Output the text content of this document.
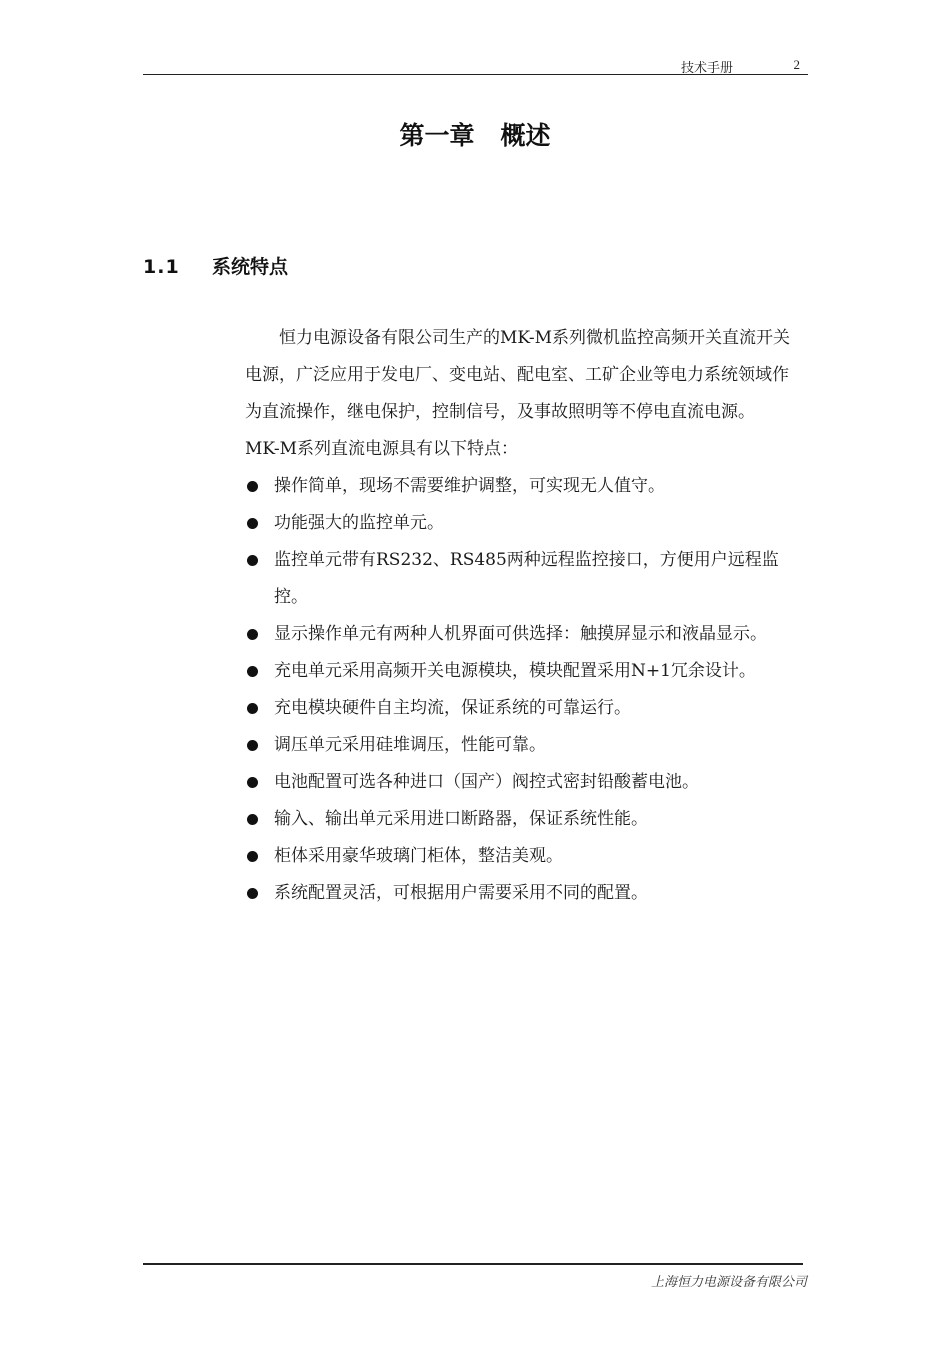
技术手册	2
第一章   概述
1.1 系统特点

恒力电源设备有限公司生产的MK-M系列微机监控高频开关直流开关电源，广泛应用于发电厂、变电站、配电室、工矿企业等电力系统领域作为直流操作，继电保护，控制信号，及事故照明等不停电直流电源。

MK-M系列直流电源具有以下特点：

操作简单，现场不需要维护调整，可实现无人值守。
功能强大的监控单元。
监控单元带有RS232、RS485两种远程监控接口，方便用户远程监控。
显示操作单元有两种人机界面可供选择：触摸屏显示和液晶显示。
充电单元采用高频开关电源模块，模块配置采用N+1冗余设计。
充电模块硬件自主均流，保证系统的可靠运行。
调压单元采用硅堆调压，性能可靠。
电池配置可选各种进口（国产）阀控式密封铅酸蓄电池。
输入、输出单元采用进口断路器，保证系统性能。
柜体采用豪华玻璃门柜体，整洁美观。
系统配置灵活，可根据用户需要采用不同的配置。
上海恒力电源设备有限公司
